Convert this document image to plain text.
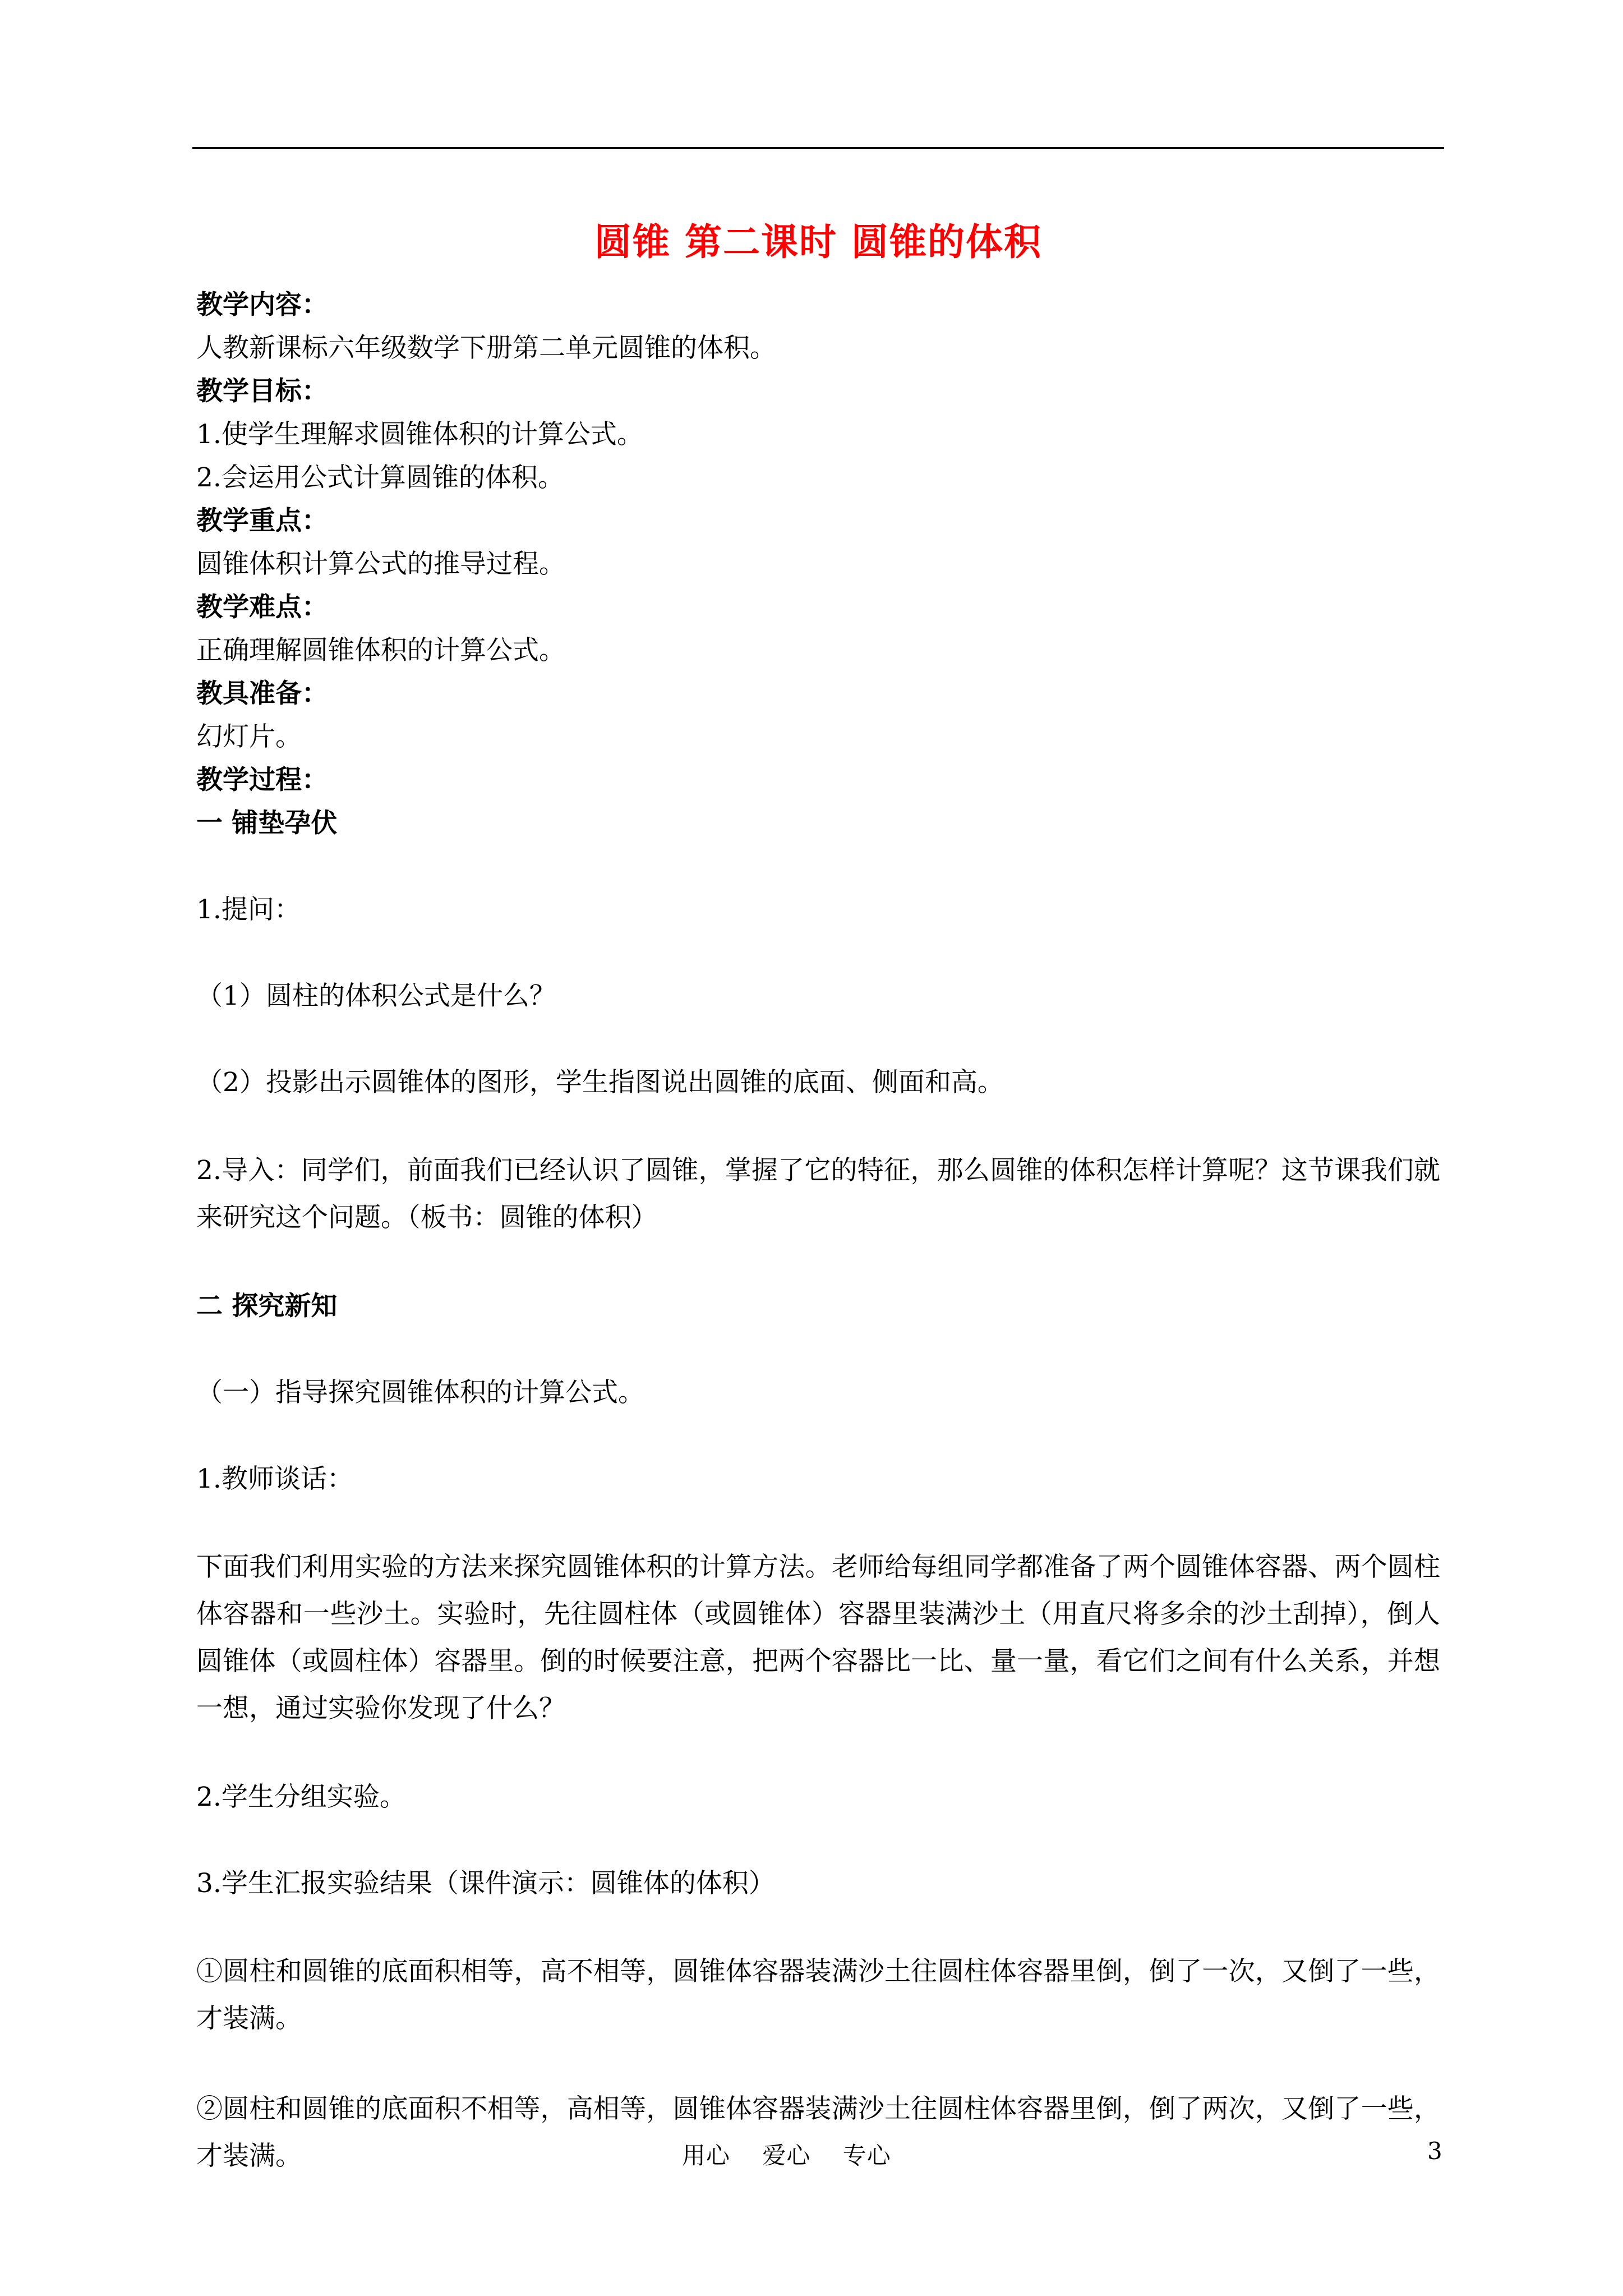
圆锥 第二课时 圆锥的体积
教学内容：
人教新课标六年级数学下册第二单元圆锥的体积。
教学目标：
1.使学生理解求圆锥体积的计算公式。
2.会运用公式计算圆锥的体积。
教学重点：
圆锥体积计算公式的推导过程。
教学难点：
正确理解圆锥体积的计算公式。
教具准备：
幻灯片。
教学过程：
一 铺垫孕伏
1.提问：
（1）圆柱的体积公式是什么？
（2）投影出示圆锥体的图形，学生指图说出圆锥的底面、侧面和高。
2.导入：同学们，前面我们已经认识了圆锥，掌握了它的特征，那么圆锥的体积怎样计算呢？这节课我们就来研究这个问题。（板书：圆锥的体积）
二 探究新知
（一）指导探究圆锥体积的计算公式。
1.教师谈话：
下面我们利用实验的方法来探究圆锥体积的计算方法。老师给每组同学都准备了两个圆锥体容器、两个圆柱体容器和一些沙土。实验时，先往圆柱体（或圆锥体）容器里装满沙土（用直尺将多余的沙土刮掉），倒人圆锥体（或圆柱体）容器里。倒的时候要注意，把两个容器比一比、量一量，看它们之间有什么关系，并想一想，通过实验你发现了什么？
2.学生分组实验。
3.学生汇报实验结果（课件演示：圆锥体的体积）
①圆柱和圆锥的底面积相等，高不相等，圆锥体容器装满沙土往圆柱体容器里倒，倒了一次，又倒了一些，才装满。
②圆柱和圆锥的底面积不相等，高相等，圆锥体容器装满沙土往圆柱体容器里倒，倒了两次，又倒了一些，才装满。	用心    爱心    专心	3
